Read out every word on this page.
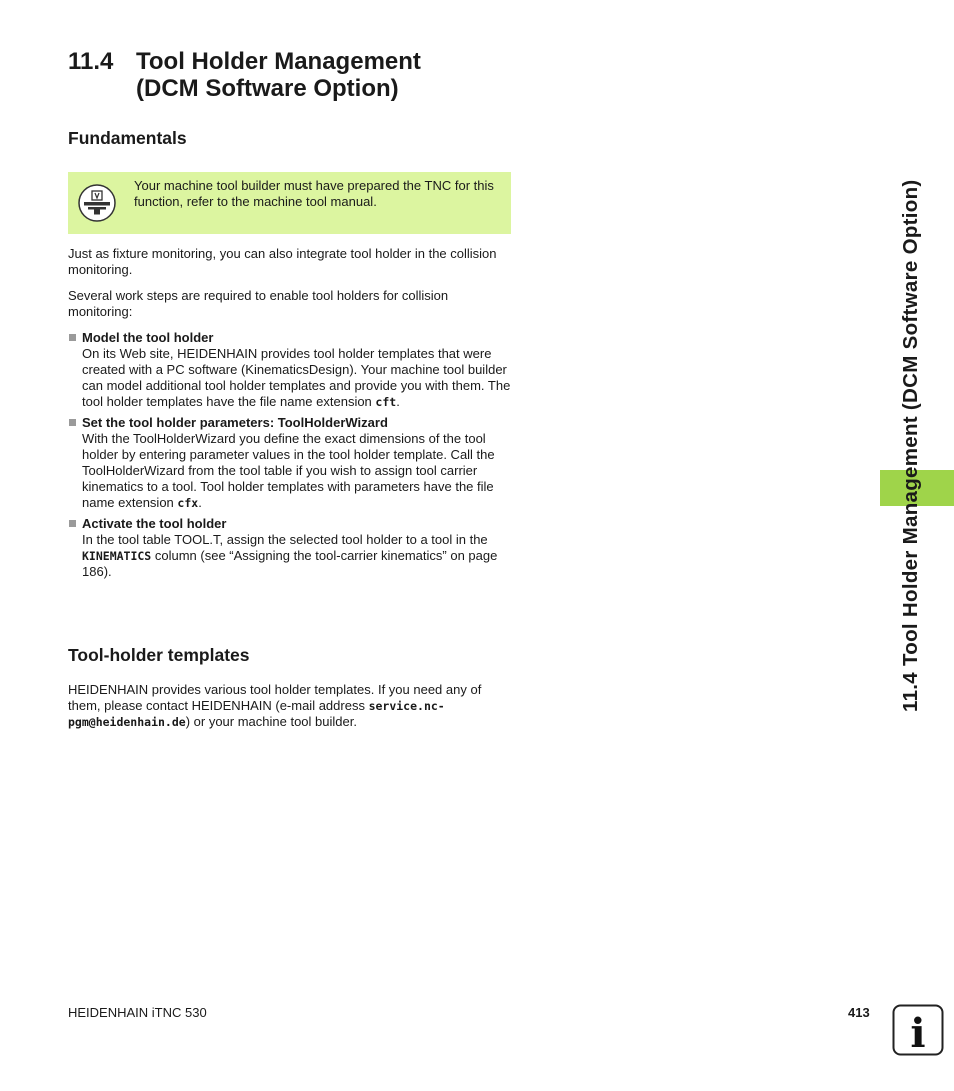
11.4 Tool Holder Management
(DCM Software Option)
Fundamentals
Your machine tool builder must have prepared the TNC for this function, refer to the machine tool manual.

Just as fixture monitoring, you can also integrate tool holder in the collision monitoring.

Several work steps are required to enable tool holders for collision monitoring:

Model the tool holder
On its Web site, HEIDENHAIN provides tool holder templates that were created with a PC software (KinematicsDesign). Your machine tool builder can model additional tool holder templates and provide you with them. The tool holder templates have the file name extension cft.
Set the tool holder parameters: ToolHolderWizard
With the ToolHolderWizard you define the exact dimensions of the tool holder by entering parameter values in the tool holder template. Call the ToolHolderWizard from the tool table if you wish to assign tool carrier kinematics to a tool. Tool holder templates with parameters have the file name extension cfx.
Activate the tool holder
In the tool table TOOL.T, assign the selected tool holder to a tool in the KINEMATICS column (see “Assigning the tool-carrier kinematics” on page 186).
Tool-holder templates

HEIDENHAIN provides various tool holder templates. If you need any of them, please contact HEIDENHAIN (e-mail address service.nc-
pgm@heidenhain.de) or your machine tool builder.

11.4 Tool Holder Management (DCM Software Option)
HEIDENHAIN iTNC 530	413 i
